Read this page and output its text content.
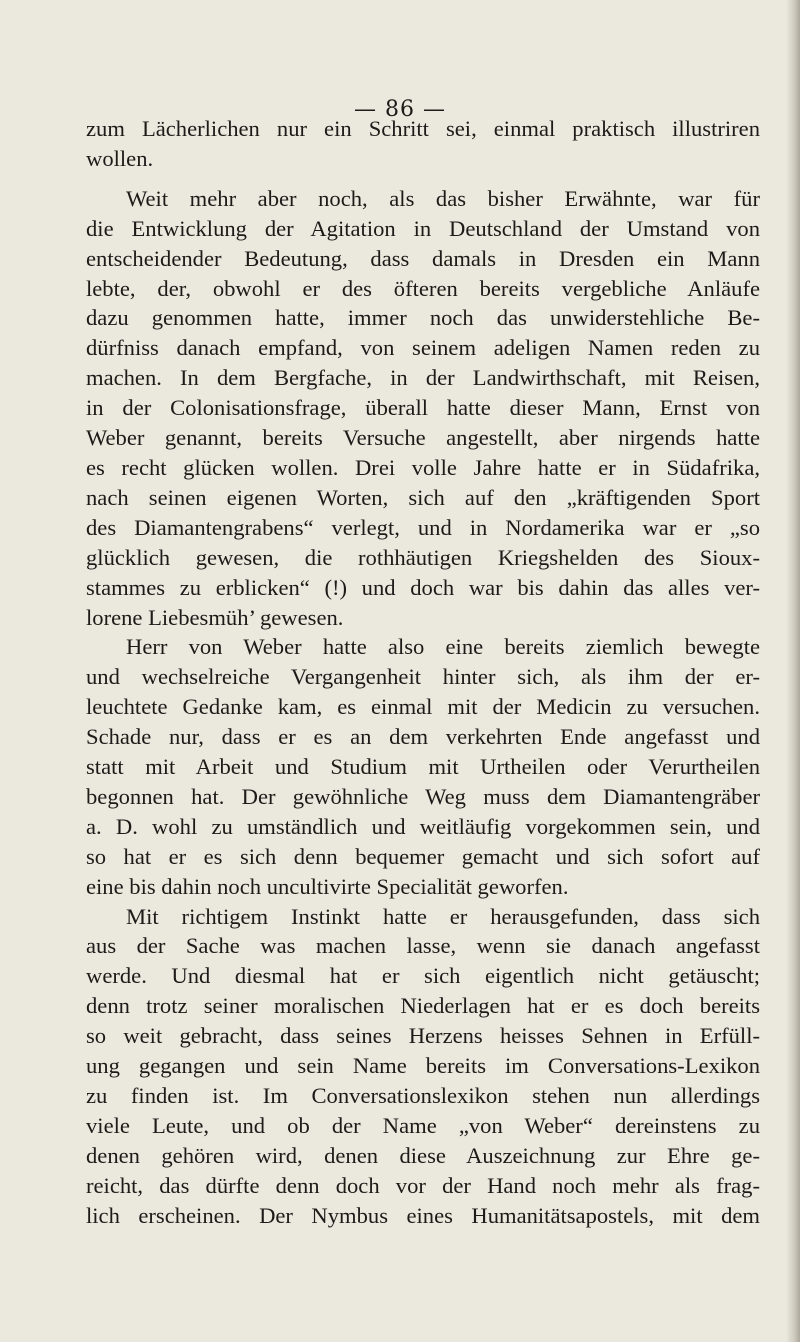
— 86 —
zum Lächerlichen nur ein Schritt sei, einmal praktisch illustriren
wollen.
Weit mehr aber noch, als das bisher Erwähnte, war für
die Entwicklung der Agitation in Deutschland der Umstand von
entscheidender Bedeutung, dass damals in Dresden ein Mann
lebte, der, obwohl er des öfteren bereits vergebliche Anläufe
dazu genommen hatte, immer noch das unwiderstehliche Be-
dürfniss danach empfand, von seinem adeligen Namen reden zu
machen. In dem Bergfache, in der Landwirthschaft, mit Reisen,
in der Colonisationsfrage, überall hatte dieser Mann, Ernst von
Weber genannt, bereits Versuche angestellt, aber nirgends hatte
es recht glücken wollen. Drei volle Jahre hatte er in Südafrika,
nach seinen eigenen Worten, sich auf den „kräftigenden Sport
des Diamantengrabens“ verlegt, und in Nordamerika war er „so
glücklich gewesen, die rothhäutigen Kriegshelden des Sioux-
stammes zu erblicken“ (!) und doch war bis dahin das alles ver-
lorene Liebesmüh’ gewesen.
Herr von Weber hatte also eine bereits ziemlich bewegte
und wechselreiche Vergangenheit hinter sich, als ihm der er-
leuchtete Gedanke kam, es einmal mit der Medicin zu versuchen.
Schade nur, dass er es an dem verkehrten Ende angefasst und
statt mit Arbeit und Studium mit Urtheilen oder Verurtheilen
begonnen hat. Der gewöhnliche Weg muss dem Diamantengräber
a. D. wohl zu umständlich und weitläufig vorgekommen sein, und
so hat er es sich denn bequemer gemacht und sich sofort auf
eine bis dahin noch uncultivirte Specialität geworfen.
Mit richtigem Instinkt hatte er herausgefunden, dass sich
aus der Sache was machen lasse, wenn sie danach angefasst
werde. Und diesmal hat er sich eigentlich nicht getäuscht;
denn trotz seiner moralischen Niederlagen hat er es doch bereits
so weit gebracht, dass seines Herzens heisses Sehnen in Erfüll-
ung gegangen und sein Name bereits im Conversations-Lexikon
zu finden ist. Im Conversationslexikon stehen nun allerdings
viele Leute, und ob der Name „von Weber“ dereinstens zu
denen gehören wird, denen diese Auszeichnung zur Ehre ge-
reicht, das dürfte denn doch vor der Hand noch mehr als frag-
lich erscheinen. Der Nymbus eines Humanitätsapostels, mit dem
